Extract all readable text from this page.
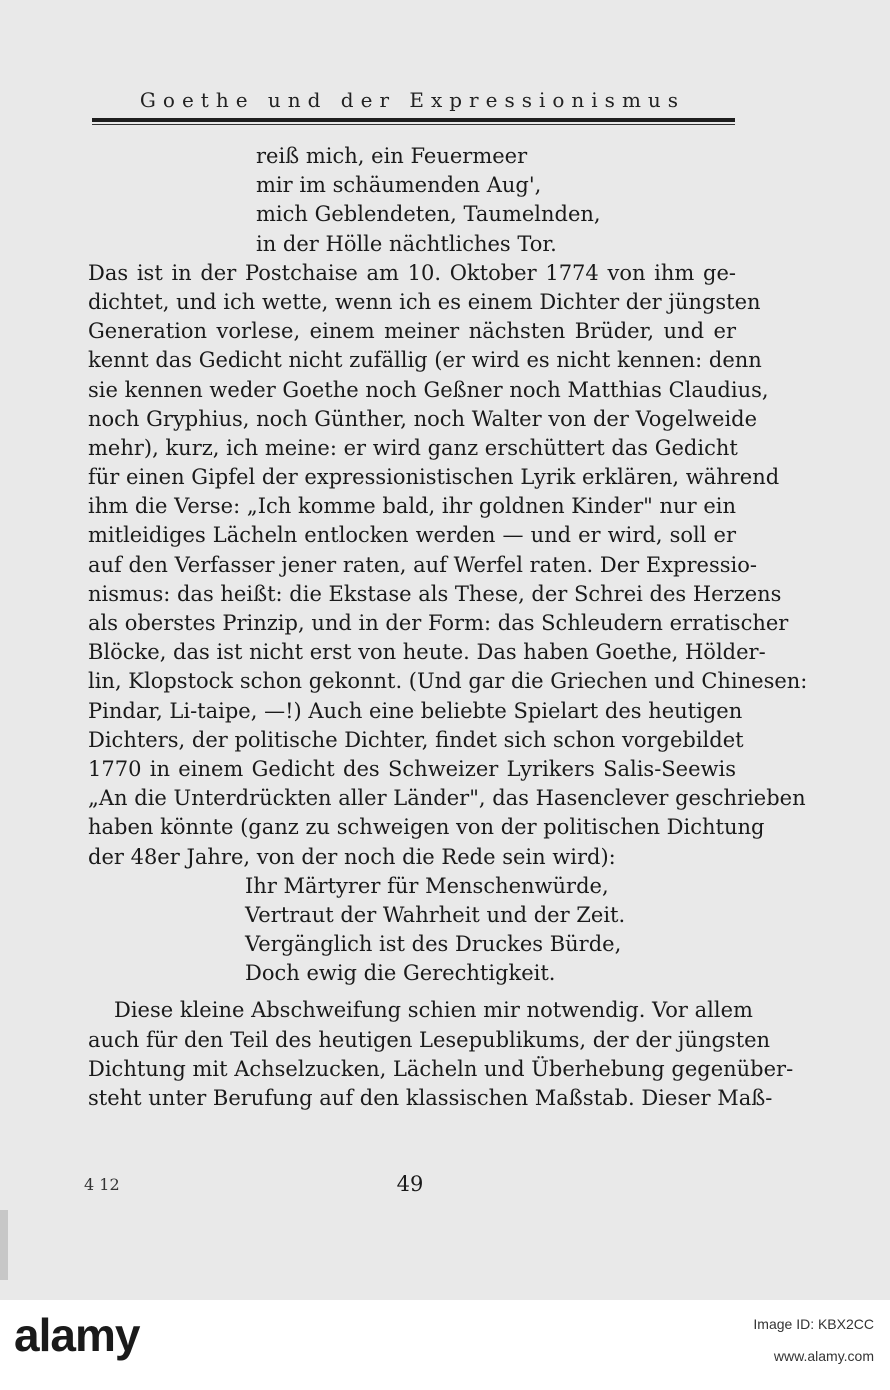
Goethe und der Expressionismus
reiß mich, ein Feuermeer
mir im schäumenden Aug',
mich Geblendeten, Taumelnden,
in der Hölle nächtliches Tor.
Das ist in der Postchaise am 10. Oktober 1774 von ihm ge-
dichtet, und ich wette, wenn ich es einem Dichter der jüngsten
Generation vorlese, einem meiner nächsten Brüder, und er
kennt das Gedicht nicht zufällig (er wird es nicht kennen: denn
sie kennen weder Goethe noch Geßner noch Matthias Claudius,
noch Gryphius, noch Günther, noch Walter von der Vogelweide
mehr), kurz, ich meine: er wird ganz erschüttert das Gedicht
für einen Gipfel der expressionistischen Lyrik erklären, während
ihm die Verse: „Ich komme bald, ihr goldnen Kinder" nur ein
mitleidiges Lächeln entlocken werden — und er wird, soll er
auf den Verfasser jener raten, auf Werfel raten. Der Expressio-
nismus: das heißt: die Ekstase als These, der Schrei des Herzens
als oberstes Prinzip, und in der Form: das Schleudern erratischer
Blöcke, das ist nicht erst von heute. Das haben Goethe, Hölder-
lin, Klopstock schon gekonnt. (Und gar die Griechen und Chinesen:
Pindar, Li-taipe, —!) Auch eine beliebte Spielart des heutigen
Dichters, der politische Dichter, findet sich schon vorgebildet
1770 in einem Gedicht des Schweizer Lyrikers Salis-Seewis
„An die Unterdrückten aller Länder", das Hasenclever geschrieben
haben könnte (ganz zu schweigen von der politischen Dichtung
der 48er Jahre, von der noch die Rede sein wird):
Ihr Märtyrer für Menschenwürde,
Vertraut der Wahrheit und der Zeit.
Vergänglich ist des Druckes Bürde,
Doch ewig die Gerechtigkeit.
Diese kleine Abschweifung schien mir notwendig. Vor allem
auch für den Teil des heutigen Lesepublikums, der der jüngsten
Dichtung mit Achselzucken, Lächeln und Überhebung gegenüber-
steht unter Berufung auf den klassischen Maßstab. Dieser Maß-
4 12	49
alamy	Image ID: KBX2CC
www.alamy.com
